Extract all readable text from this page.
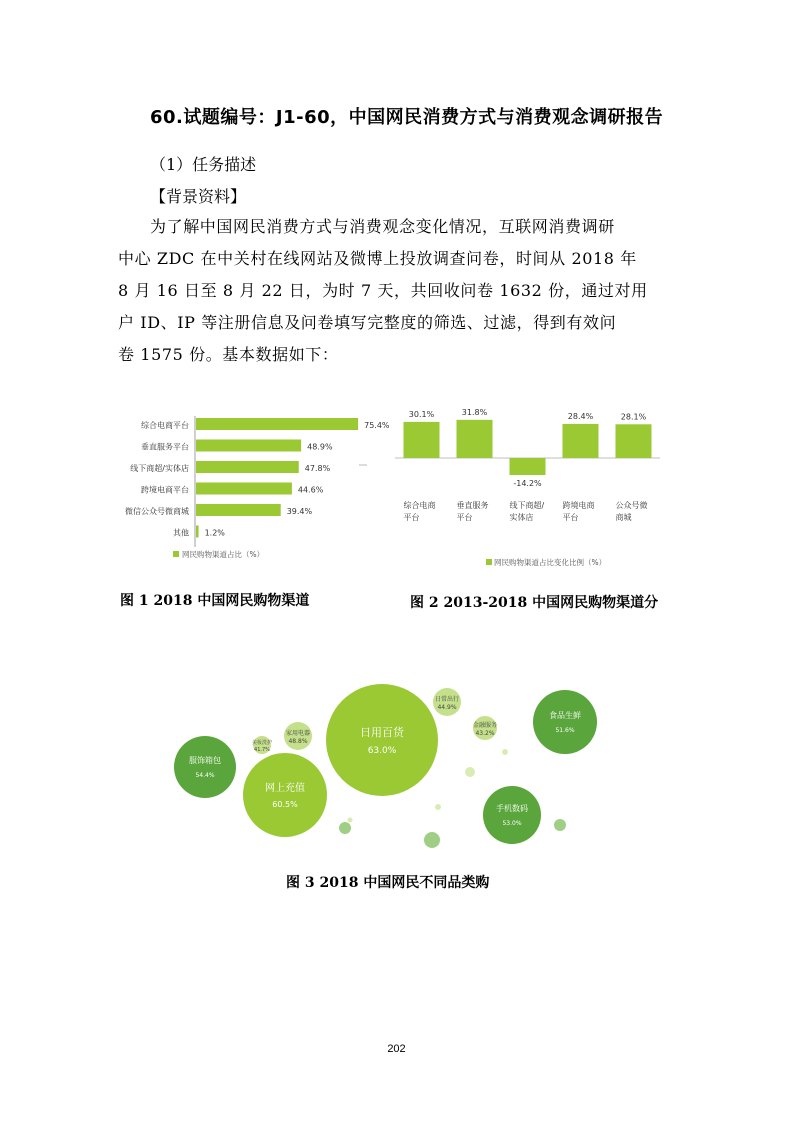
60.试题编号：J1-60，中国网民消费方式与消费观念调研报告
（1）任务描述
【背景资料】
为了解中国网民消费方式与消费观念变化情况，互联网消费调研
中心 ZDC 在中关村在线网站及微博上投放调查问卷，时间从 2018 年
8 月 16 日至 8 月 22 日，为时 7 天，共回收问卷 1632 份，通过对用
户 ID、IP 等注册信息及问卷填写完整度的筛选、过滤，得到有效问
卷 1575 份。基本数据如下：
综合电商平台	75.4%
垂直服务平台	48.9%
线下商超/实体店	47.8%
跨境电商平台	44.6%
微信公众号微商城	39.4%
其他 1.2%
网民购物渠道占比（%）
图 1 2018 中国网民购物渠道
30.1%
综合电商
平台
31.8%
垂直服务
平台
-14.2%
线下商超/
实体店
28.4%
跨境电商
平台
28.1%
公众号微
商城
网民购物渠道占比变化比例（%）
图 2 2013-2018 中国网民购物渠道分
日用百货
63.0%
网上充值
60.5%
服饰箱包
54.4%
手机数码
53.0%
食品生鲜
51.6%
家用电器
48.8%
日常出行
44.9%
金融服务
43.2%
美妆洗护
41.7%
图 3 2018 中国网民不同品类购
202
